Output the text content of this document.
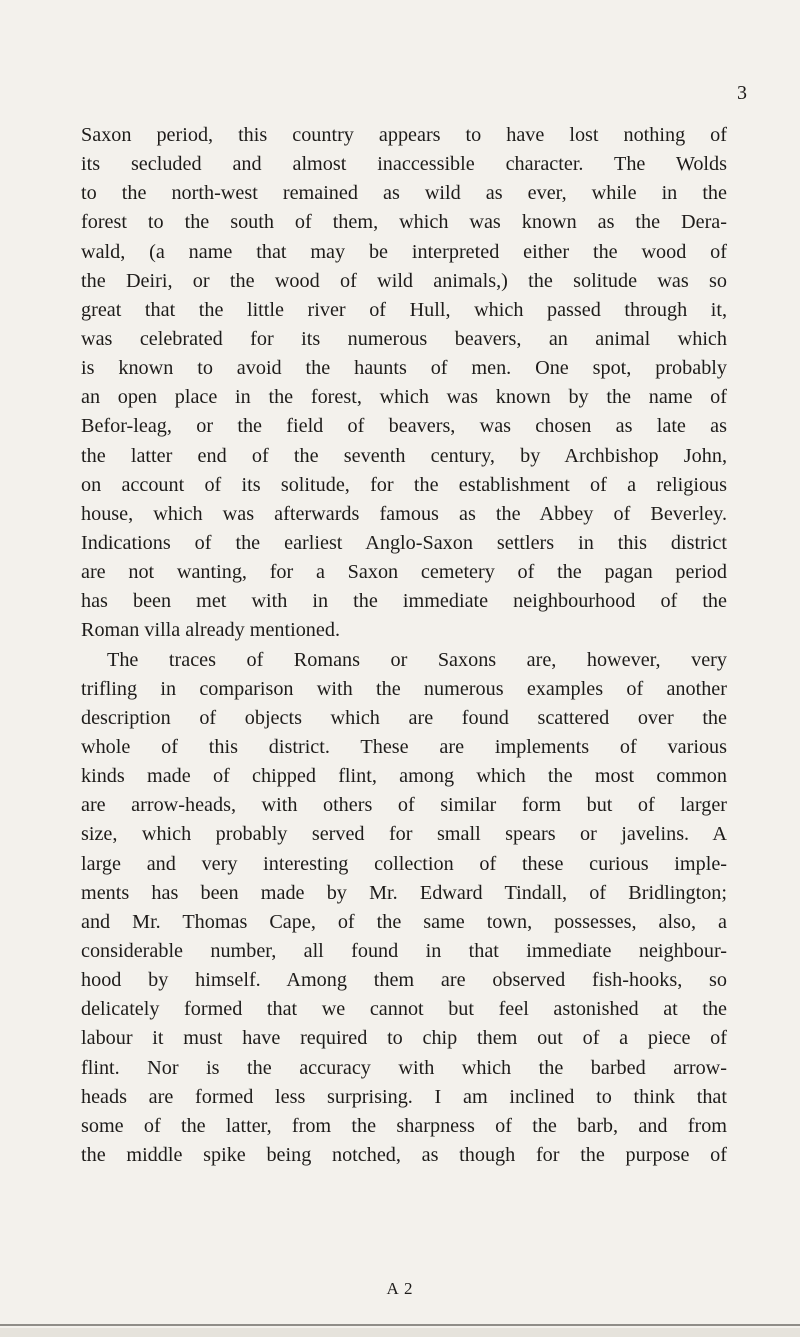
3
Saxon period, this country appears to have lost nothing of
its secluded and almost inaccessible character. The Wolds
to the north-west remained as wild as ever, while in the
forest to the south of them, which was known as the Dera-
wald, (a name that may be interpreted either the wood of
the Deiri, or the wood of wild animals,) the solitude was so
great that the little river of Hull, which passed through it,
was celebrated for its numerous beavers, an animal which
is known to avoid the haunts of men. One spot, probably
an open place in the forest, which was known by the name of
Befor-leag, or the field of beavers, was chosen as late as
the latter end of the seventh century, by Archbishop John,
on account of its solitude, for the establishment of a religious
house, which was afterwards famous as the Abbey of Beverley.
Indications of the earliest Anglo-Saxon settlers in this district
are not wanting, for a Saxon cemetery of the pagan period
has been met with in the immediate neighbourhood of the
Roman villa already mentioned.
The traces of Romans or Saxons are, however, very
trifling in comparison with the numerous examples of another
description of objects which are found scattered over the
whole of this district. These are implements of various
kinds made of chipped flint, among which the most common
are arrow-heads, with others of similar form but of larger
size, which probably served for small spears or javelins. A
large and very interesting collection of these curious imple-
ments has been made by Mr. Edward Tindall, of Bridlington;
and Mr. Thomas Cape, of the same town, possesses, also, a
considerable number, all found in that immediate neighbour-
hood by himself. Among them are observed fish-hooks, so
delicately formed that we cannot but feel astonished at the
labour it must have required to chip them out of a piece of
flint. Nor is the accuracy with which the barbed arrow-
heads are formed less surprising. I am inclined to think that
some of the latter, from the sharpness of the barb, and from
the middle spike being notched, as though for the purpose of
A 2
